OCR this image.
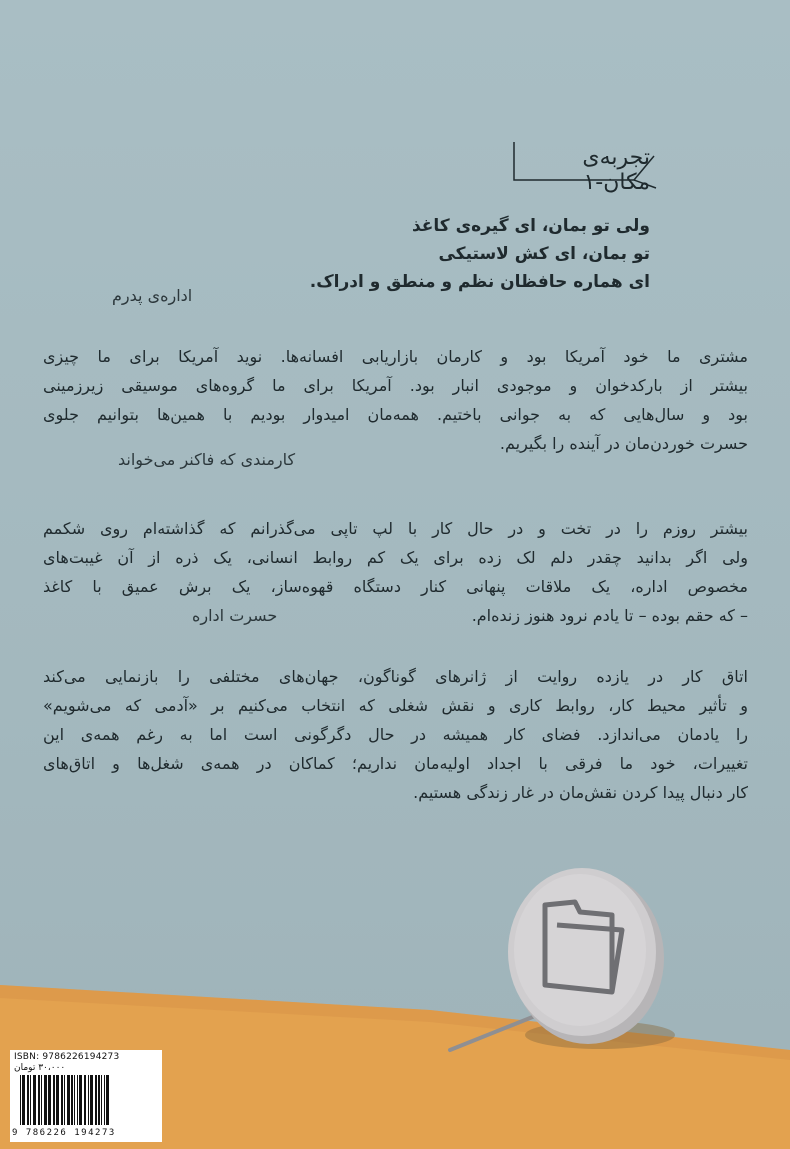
تجربه‌ی مکان-۱
ولی تو بمان، ای گیره‌ی کاغذ
تو بمان، ای کش لاستیکی
ای هماره حافظان نظم و منطق و ادراک.
اداره‌ی پدرم
مشتری ما خود آمریکا بود و کارمان بازاریابی افسانه‌ها. نوید آمریکا برای ما چیزی
بیشتر از بارکدخوان و موجودی انبار بود. آمریکا برای ما گروه‌های موسیقی زیرزمینی
بود و سال‌هایی که به جوانی باختیم. همه‌مان امیدوار بودیم با همین‌ها بتوانیم جلوی
حسرت خوردن‌مان در آینده را بگیریم.
کارمندی که فاکنر می‌خواند
بیشتر روزم را در تخت و در حال کار با لپ تاپی می‌گذرانم که گذاشته‌ام روی شکمم
ولی اگر بدانید چقدر دلم لک زده برای یک کم روابط انسانی، یک ذره از آن غیبت‌های
مخصوص اداره، یک ملاقات پنهانی کنار دستگاه قهوه‌ساز، یک برش عمیق با کاغذ
– که حقم بوده – تا یادم نرود هنوز زنده‌ام.
حسرت اداره
اتاق کار در یازده روایت از ژانرهای گوناگون، جهان‌های مختلفی را بازنمایی می‌کند
و تأثیر محیط کار، روابط کاری و نقش شغلی که انتخاب می‌کنیم بر «آدمی که می‌شویم»
را یادمان می‌اندازد. فضای کار همیشه در حال دگرگونی است اما به رغم همه‌ی این
تغییرات، خود ما فرقی با اجداد اولیه‌مان نداریم؛ کماکان در همه‌ی شغل‌ها و اتاق‌های
کار دنبال پیدا کردن نقش‌مان در غار زندگی هستیم.
ISBN: 9786226194273
۳۰،۰۰۰ تومان
9 786226 194273
